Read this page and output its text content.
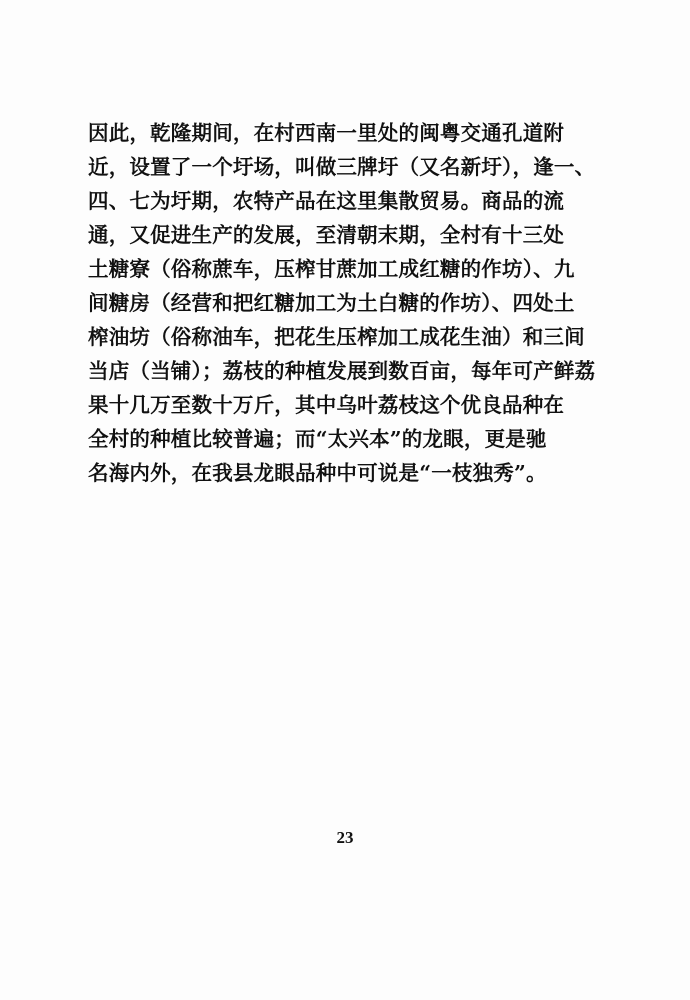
因此，乾隆期间，在村西南一里处的闽粤交通孔道附
近，设置了一个圩场，叫做三牌圩（又名新圩），逢一、
四、七为圩期，农特产品在这里集散贸易。商品的流
通，又促进生产的发展，至清朝末期，全村有十三处
土糖寮（俗称蔗车，压榨甘蔗加工成红糖的作坊）、九
间糖房（经营和把红糖加工为土白糖的作坊）、四处土
榨油坊（俗称油车，把花生压榨加工成花生油）和三间
当店（当铺）；荔枝的种植发展到数百亩，每年可产鲜荔
果十几万至数十万斤，其中乌叶荔枝这个优良品种在
全村的种植比较普遍；而“太兴本”的龙眼，更是驰
名海内外，在我县龙眼品种中可说是“一枝独秀”。
23
